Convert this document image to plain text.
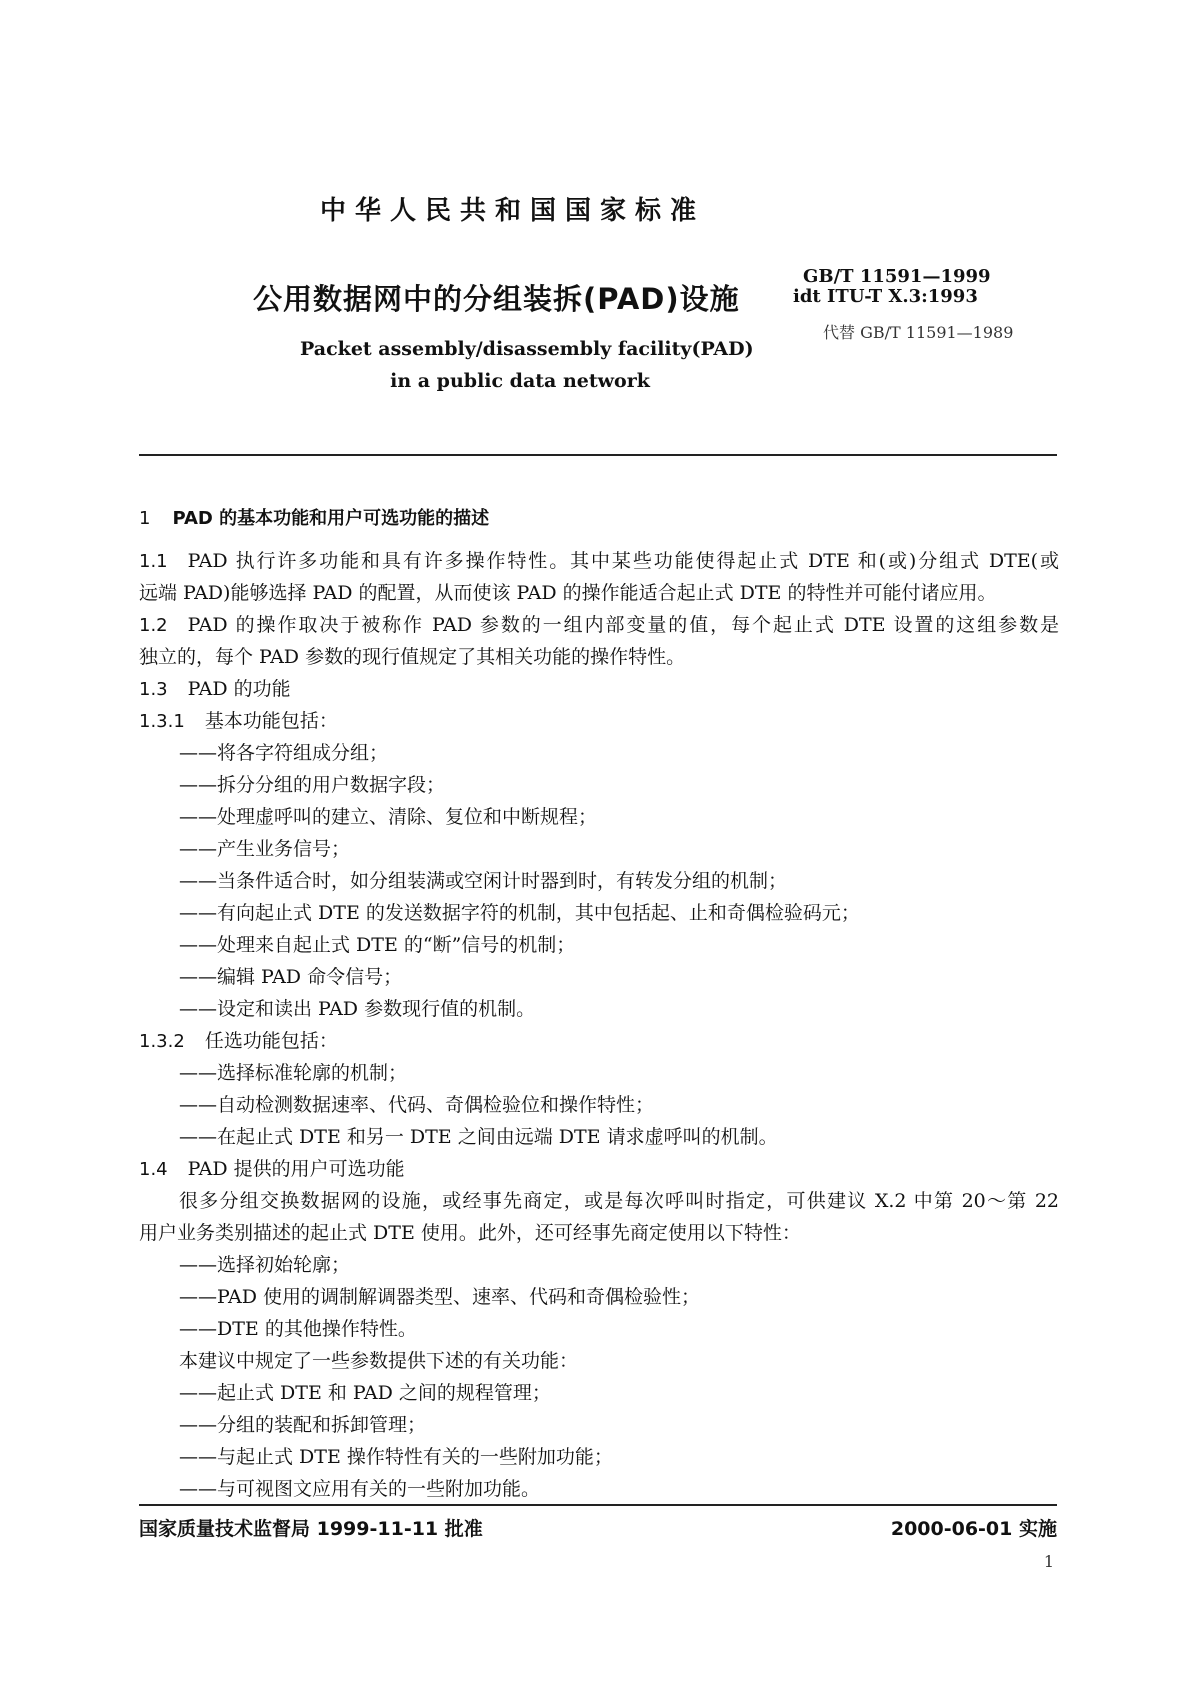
中华人民共和国国家标准
公用数据网中的分组装拆(PAD)设施
GB/T 11591—1999
idt ITU-T X.3:1993
代替 GB/T 11591—1989
Packet assembly/disassembly facility(PAD)
in a public data network
1 PAD 的基本功能和用户可选功能的描述
1.1 PAD 执行许多功能和具有许多操作特性。其中某些功能使得起止式 DTE 和(或)分组式 DTE(或
远端 PAD)能够选择 PAD 的配置，从而使该 PAD 的操作能适合起止式 DTE 的特性并可能付诸应用。
1.2 PAD 的操作取决于被称作 PAD 参数的一组内部变量的值，每个起止式 DTE 设置的这组参数是
独立的，每个 PAD 参数的现行值规定了其相关功能的操作特性。
1.3 PAD 的功能
1.3.1 基本功能包括：
——将各字符组成分组；
——拆分分组的用户数据字段；
——处理虚呼叫的建立、清除、复位和中断规程；
——产生业务信号；
——当条件适合时，如分组装满或空闲计时器到时，有转发分组的机制；
——有向起止式 DTE 的发送数据字符的机制，其中包括起、止和奇偶检验码元；
——处理来自起止式 DTE 的“断”信号的机制；
——编辑 PAD 命令信号；
——设定和读出 PAD 参数现行值的机制。
1.3.2 任选功能包括：
——选择标准轮廓的机制；
——自动检测数据速率、代码、奇偶检验位和操作特性；
——在起止式 DTE 和另一 DTE 之间由远端 DTE 请求虚呼叫的机制。
1.4 PAD 提供的用户可选功能
很多分组交换数据网的设施，或经事先商定，或是每次呼叫时指定，可供建议 X.2 中第 20～第 22
用户业务类别描述的起止式 DTE 使用。此外，还可经事先商定使用以下特性：
——选择初始轮廓；
——PAD 使用的调制解调器类型、速率、代码和奇偶检验性；
——DTE 的其他操作特性。
本建议中规定了一些参数提供下述的有关功能：
——起止式 DTE 和 PAD 之间的规程管理；
——分组的装配和拆卸管理；
——与起止式 DTE 操作特性有关的一些附加功能；
——与可视图文应用有关的一些附加功能。
国家质量技术监督局 1999-11-11 批准	2000-06-01 实施
1
